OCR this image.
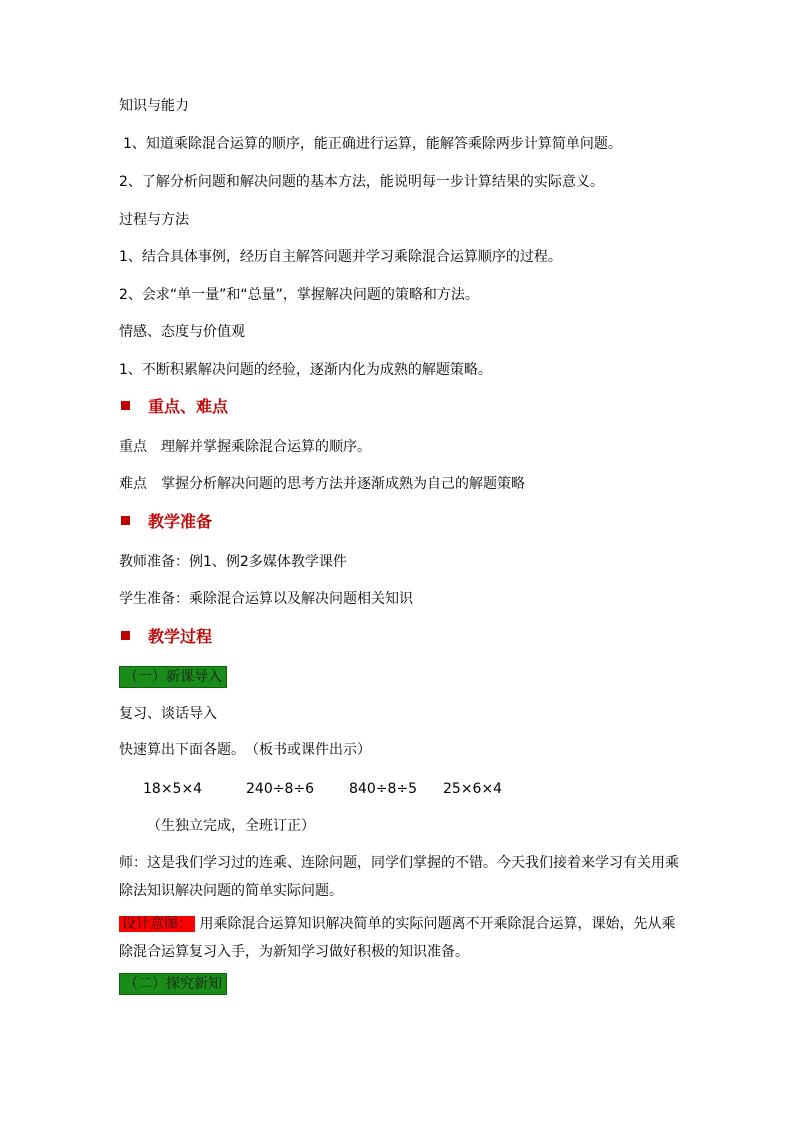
知识与能力
1、知道乘除混合运算的顺序，能正确进行运算，能解答乘除两步计算简单问题。
2、了解分析问题和解决问题的基本方法，能说明每一步计算结果的实际意义。
过程与方法
1、结合具体事例，经历自主解答问题并学习乘除混合运算顺序的过程。
2、会求“单一量”和“总量”，掌握解决问题的策略和方法。
情感、态度与价值观
1、不断积累解决问题的经验，逐渐内化为成熟的解题策略。
重点、难点
重点　理解并掌握乘除混合运算的顺序。
难点　掌握分析解决问题的思考方法并逐渐成熟为自己的解题策略
教学准备
教师准备：例1、例2多媒体教学课件
学生准备：乘除混合运算以及解决问题相关知识
教学过程
（一）新课导入
复习、谈话导入
快速算出下面各题。　（板书或课件出示）
18×5×4	240÷8÷6	840÷8÷5 25×6×4
（生独立完成，全班订正）
师：这是我们学习过的连乘、连除问题，同学们掌握的不错。今天我们接着来学习有关用乘除法知识解决问题的简单实际问题。
设计意图： 用乘除混合运算知识解决简单的实际问题离不开乘除混合运算，课始，先从乘除混合运算复习入手，为新知学习做好积极的知识准备。
（二）探究新知
